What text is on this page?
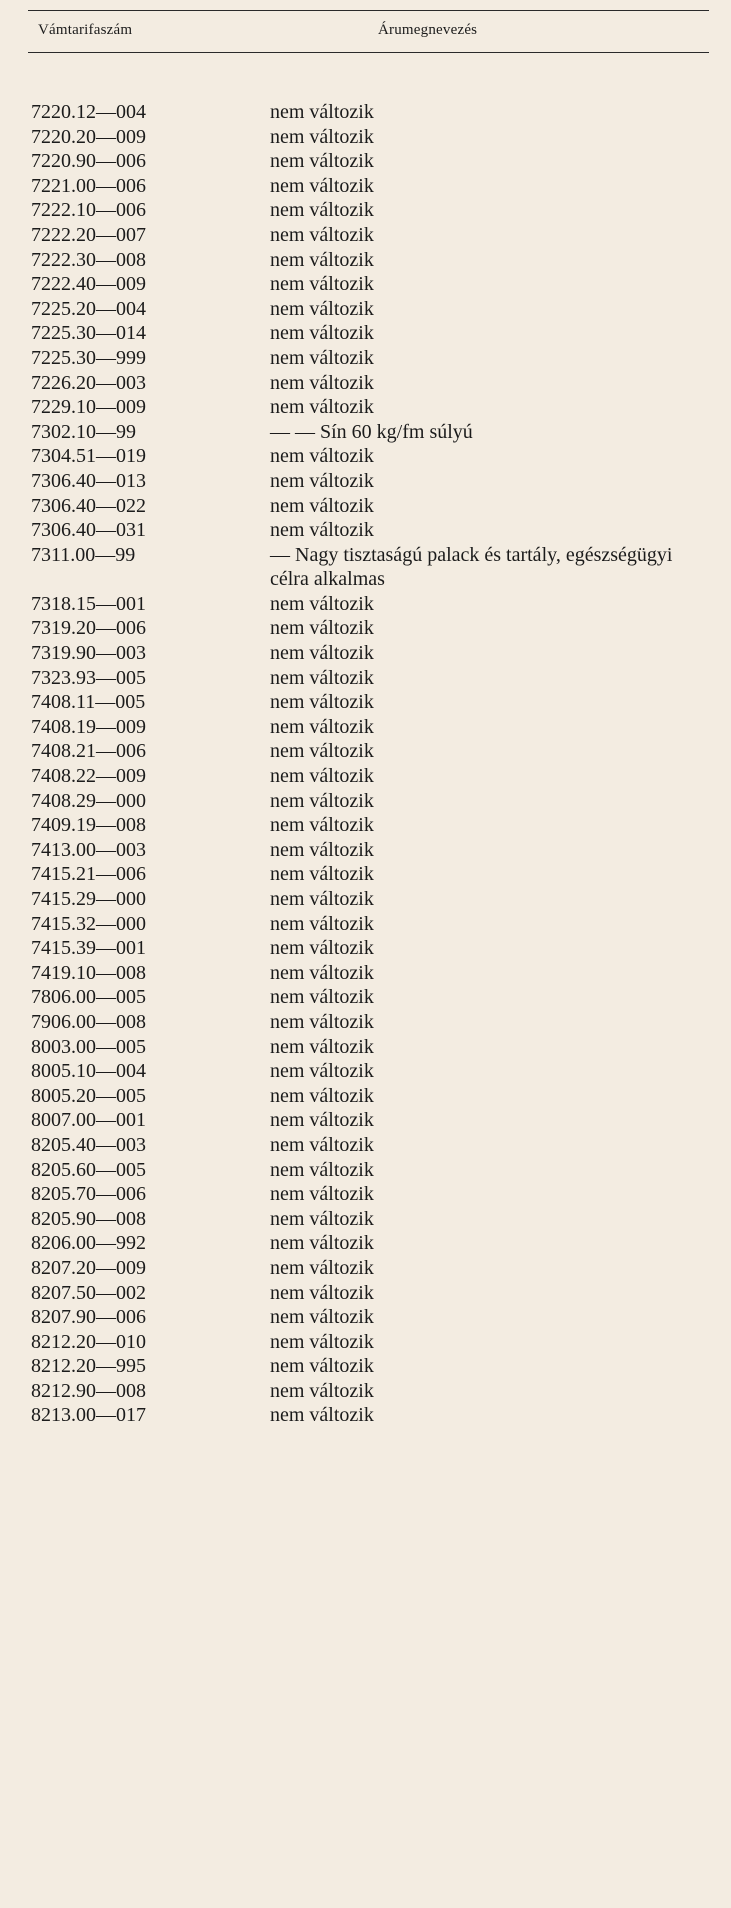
Vámtarifaszám	Árumegnevezés
7220.12—004	nem változik
7220.20—009	nem változik
7220.90—006	nem változik
7221.00—006	nem változik
7222.10—006	nem változik
7222.20—007	nem változik
7222.30—008	nem változik
7222.40—009	nem változik
7225.20—004	nem változik
7225.30—014	nem változik
7225.30—999	nem változik
7226.20—003	nem változik
7229.10—009	nem változik
7302.10—99	— — Sín 60 kg/fm súlyú
7304.51—019	nem változik
7306.40—013	nem változik
7306.40—022	nem változik
7306.40—031	nem változik
7311.00—99	— Nagy tisztaságú palack és tartály, egészségügyi célra alkalmas
7318.15—001	nem változik
7319.20—006	nem változik
7319.90—003	nem változik
7323.93—005	nem változik
7408.11—005	nem változik
7408.19—009	nem változik
7408.21—006	nem változik
7408.22—009	nem változik
7408.29—000	nem változik
7409.19—008	nem változik
7413.00—003	nem változik
7415.21—006	nem változik
7415.29—000	nem változik
7415.32—000	nem változik
7415.39—001	nem változik
7419.10—008	nem változik
7806.00—005	nem változik
7906.00—008	nem változik
8003.00—005	nem változik
8005.10—004	nem változik
8005.20—005	nem változik
8007.00—001	nem változik
8205.40—003	nem változik
8205.60—005	nem változik
8205.70—006	nem változik
8205.90—008	nem változik
8206.00—992	nem változik
8207.20—009	nem változik
8207.50—002	nem változik
8207.90—006	nem változik
8212.20—010	nem változik
8212.20—995	nem változik
8212.90—008	nem változik
8213.00—017	nem változik
